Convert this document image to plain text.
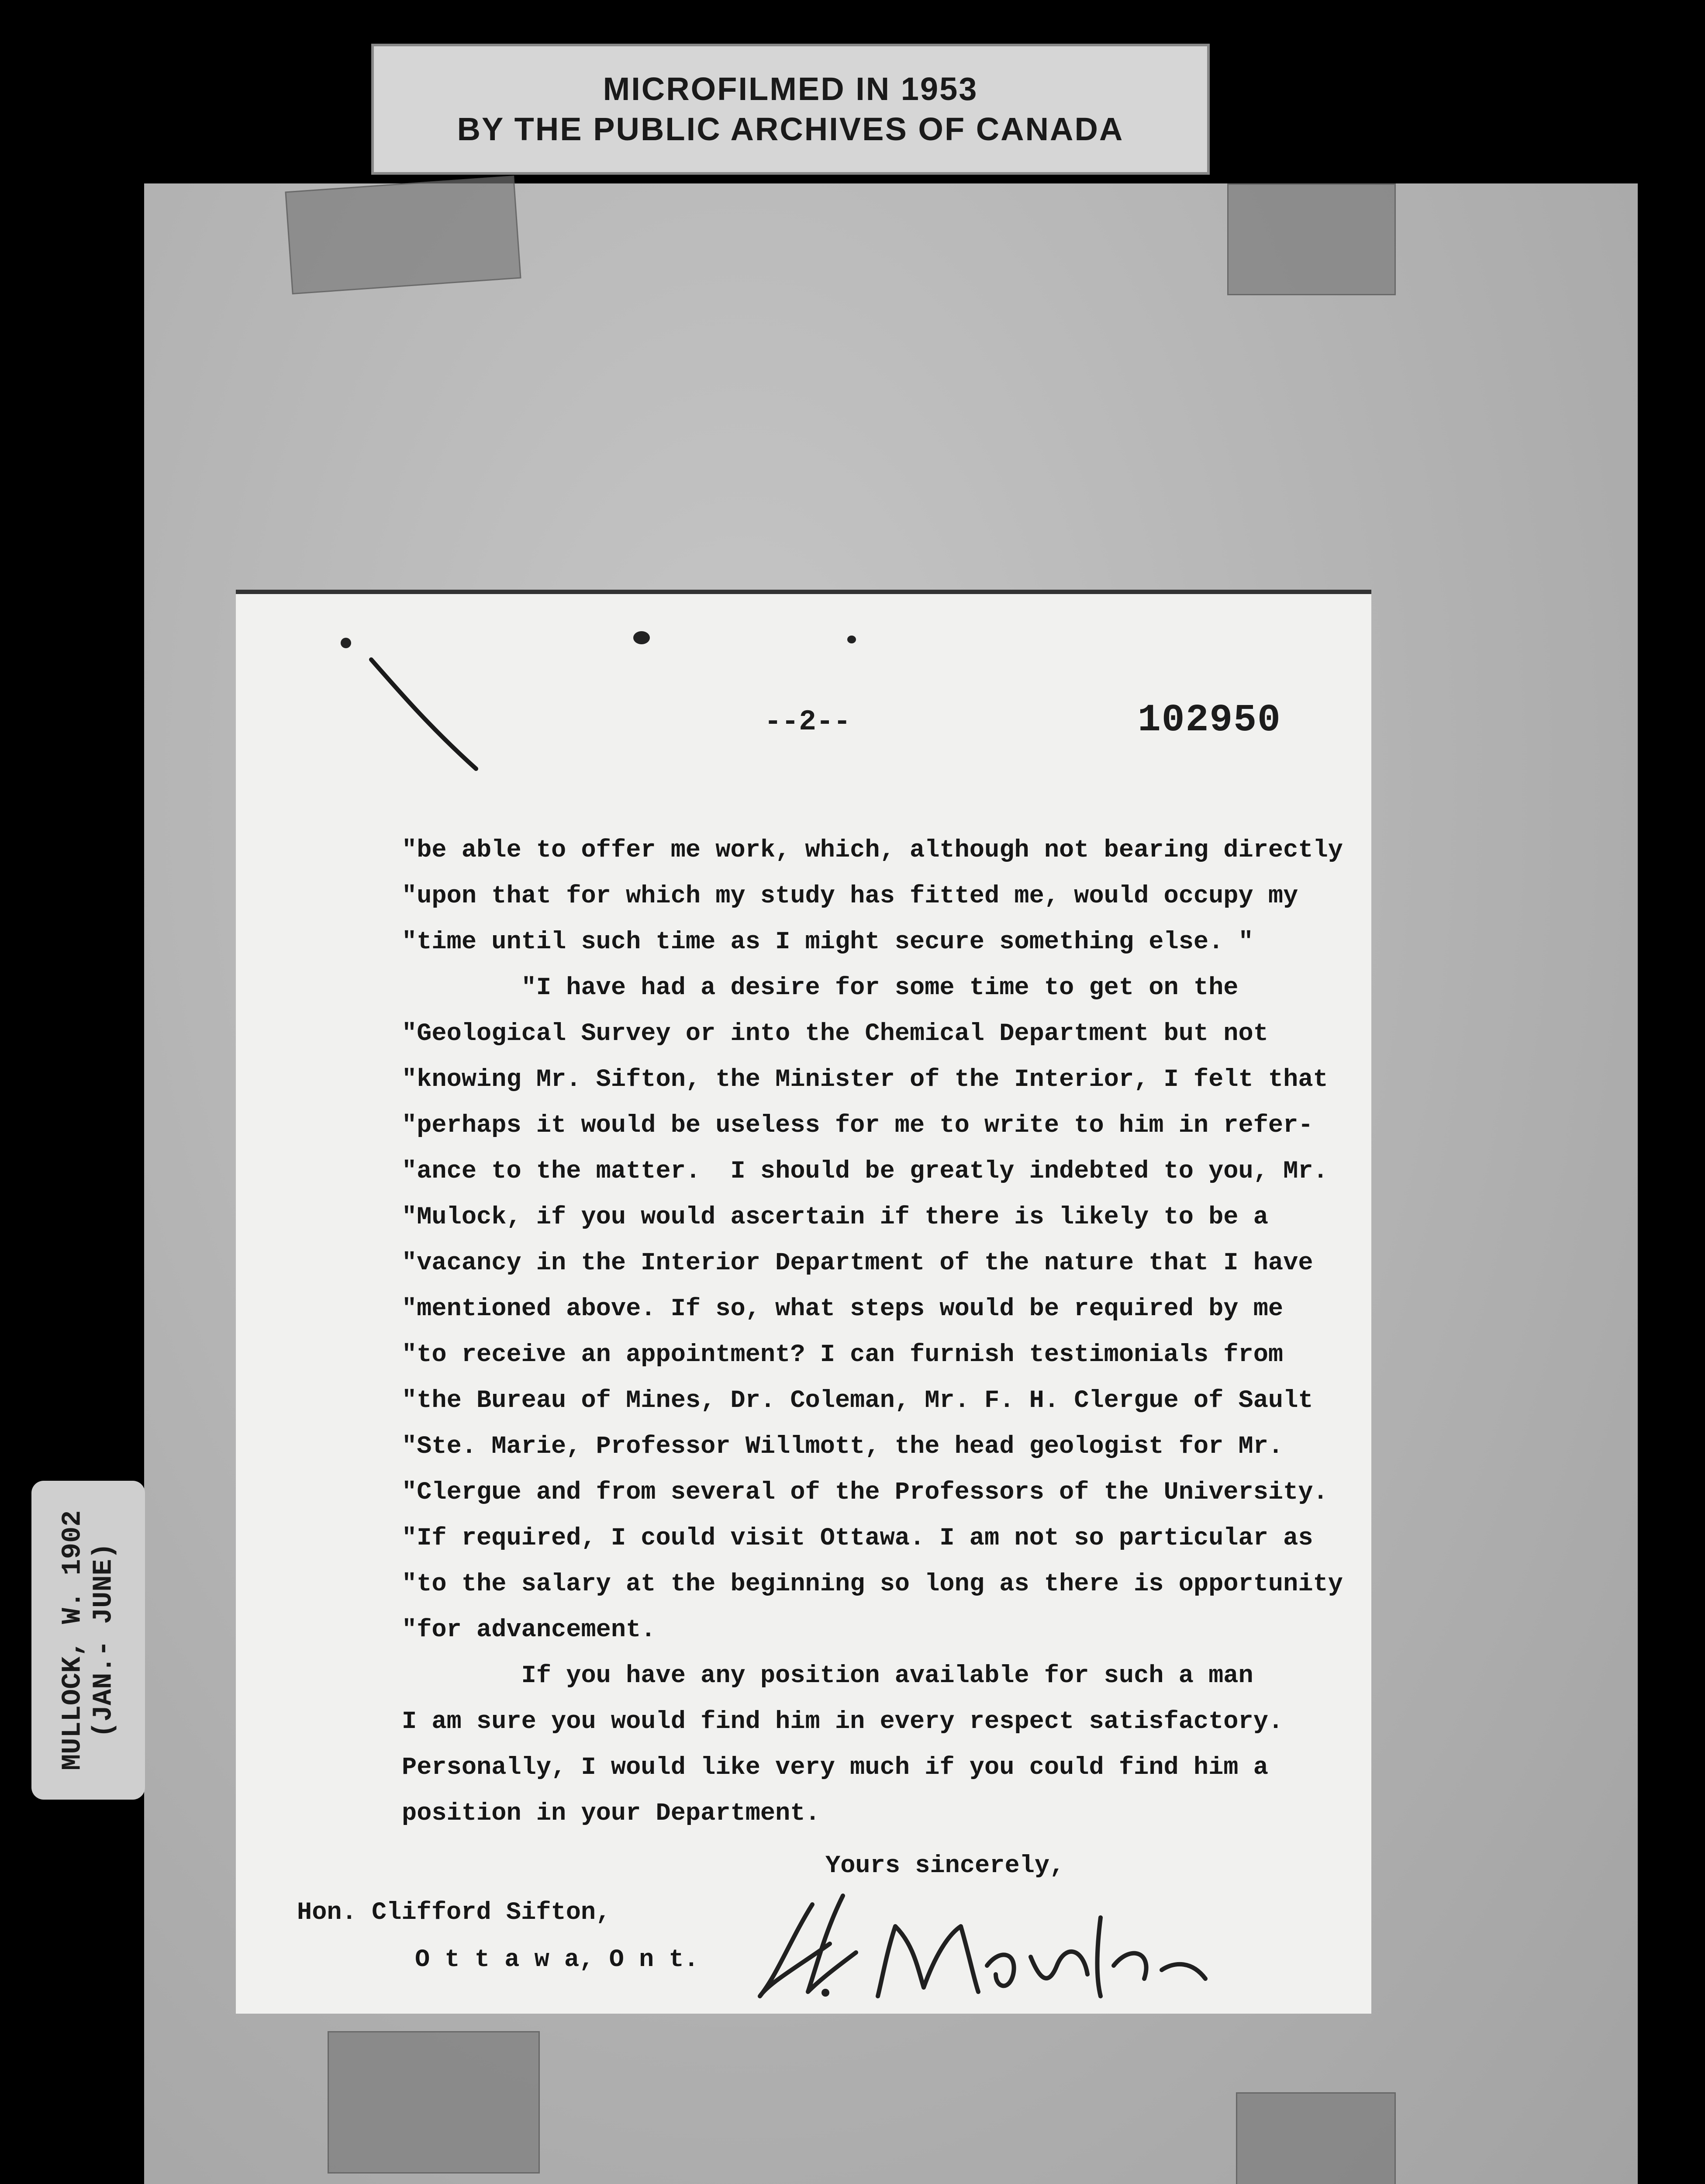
MICROFILMED IN 1953
BY THE PUBLIC ARCHIVES OF CANADA
MULLOCK, W. 1902 (JAN.- JUNE)
--2--	102950
"be able to offer me work, which, although not bearing directly
"upon that for which my study has fitted me, would occupy my
"time until such time as I might secure something else. "
"I have had a desire for some time to get on the
"Geological Survey or into the Chemical Department but not
"knowing Mr. Sifton, the Minister of the Interior, I felt that
"perhaps it would be useless for me to write to him in refer-
"ance to the matter.  I should be greatly indebted to you, Mr.
"Mulock, if you would ascertain if there is likely to be a
"vacancy in the Interior Department of the nature that I have
"mentioned above. If so, what steps would be required by me
"to receive an appointment? I can furnish testimonials from
"the Bureau of Mines, Dr. Coleman, Mr. F. H. Clergue of Sault
"Ste. Marie, Professor Willmott, the head geologist for Mr.
"Clergue and from several of the Professors of the University.
"If required, I could visit Ottawa. I am not so particular as
"to the salary at the beginning so long as there is opportunity
"for advancement.
If you have any position available for such a man
I am sure you would find him in every respect satisfactory.
Personally, I would like very much if you could find him a
position in your Department.
Yours sincerely,
Hon. Clifford Sifton,
O t t a w a, O n t.
